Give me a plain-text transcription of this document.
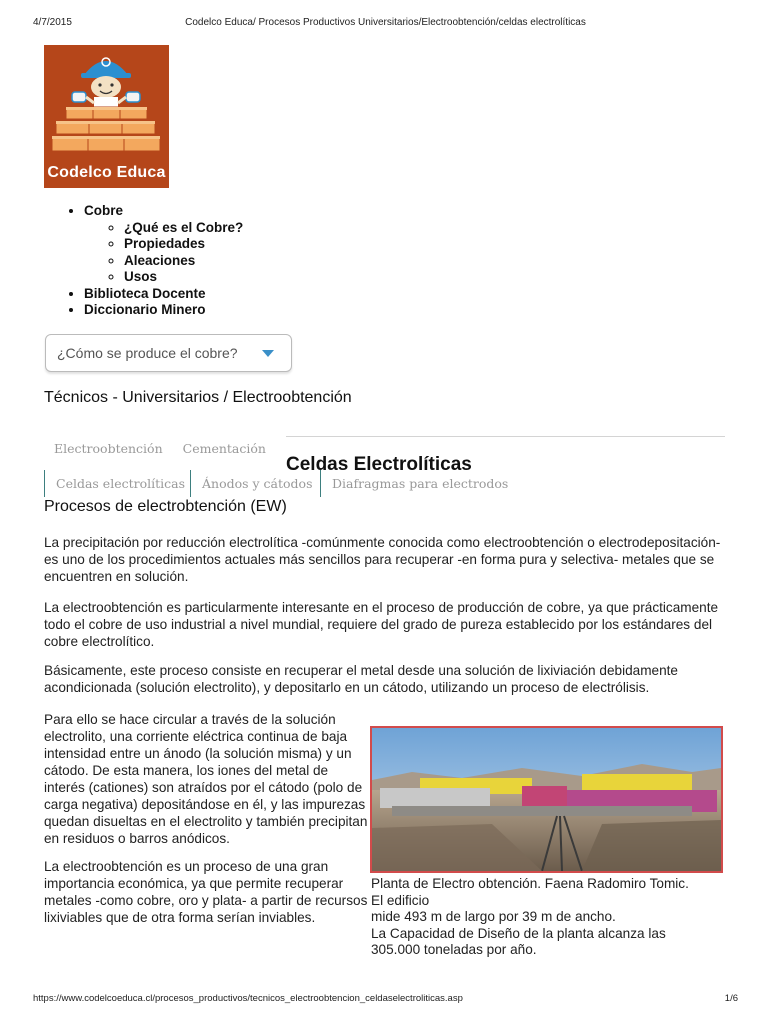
4/7/2015	Codelco Educa/ Procesos Productivos Universitarios/Electroobtención/celdas electrolíticas
Codelco Educa
• Cobre
◦ ¿Qué es el Cobre?
◦ Propiedades
◦ Aleaciones
◦ Usos
• Biblioteca Docente
• Diccionario Minero
¿Cómo se produce el cobre?
Técnicos - Universitarios / Electroobtención
Electroobtención Cementación
Celdas Electrolíticas
Celdas electrolíticas	Ánodos y cátodos	Diafragmas para electrodos
Procesos de electrobtención (EW)

La precipitación por reducción electrolítica -comúnmente conocida como electroobtención o electrodepositación- es uno de los procedimientos actuales más sencillos para recuperar -en forma pura y selectiva- metales que se encuentren en solución.

La electroobtención es particularmente interesante en el proceso de producción de cobre, ya que prácticamente todo el cobre de uso industrial a nivel mundial, requiere del grado de pureza establecido por los estándares del cobre electrolítico.

Básicamente, este proceso consiste en recuperar el metal desde una solución de lixiviación debidamente acondicionada (solución electrolito), y depositarlo en un cátodo, utilizando un proceso de electrólisis.

Para ello se hace circular a través de la solución electrolito, una corriente eléctrica continua de baja intensidad entre un ánodo (la solución misma) y un cátodo. De esta manera, los iones del metal de interés (cationes) son atraídos por el cátodo (polo de carga negativa) depositándose en él, y las impurezas quedan disueltas en el electrolito y también precipitan en residuos o barros anódicos.

La electroobtención es un proceso de una gran importancia económica, ya que permite recuperar metales -como cobre, oro y plata- a partir de recursos lixiviables que de otra forma serían inviables.

Planta de Electro obtención. Faena Radomiro Tomic.
El edificio
mide 493 m de largo por 39 m de ancho.
La Capacidad de Diseño de la planta alcanza las
305.000 toneladas por año.
https://www.codelcoeduca.cl/procesos_productivos/tecnicos_electroobtencion_celdaselectroliticas.asp	1/6
